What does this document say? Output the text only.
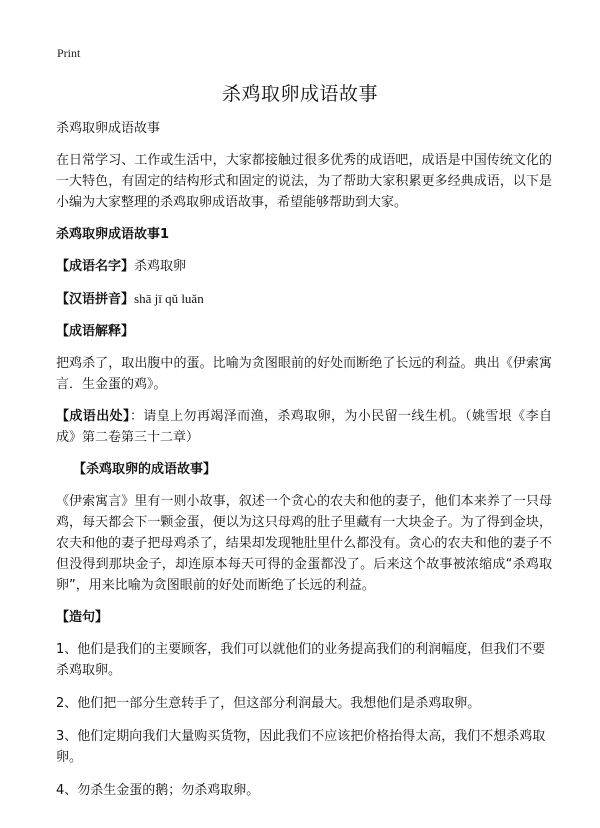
Print
杀鸡取卵成语故事

杀鸡取卵成语故事

在日常学习、工作或生活中，大家都接触过很多优秀的成语吧，成语是中国传统文化的一大特色，有固定的结构形式和固定的说法，为了帮助大家积累更多经典成语，以下是小编为大家整理的杀鸡取卵成语故事，希望能够帮助到大家。

杀鸡取卵成语故事1

【成语名字】杀鸡取卵

【汉语拼音】shā jī qǔ luǎn

【成语解释】

把鸡杀了，取出腹中的蛋。比喻为贪图眼前的好处而断绝了长远的利益。典出《伊索寓言．生金蛋的鸡》。

【成语出处】：请皇上勿再竭泽而渔，杀鸡取卵，为小民留一线生机。（姚雪垠《李自成》第二卷第三十二章）

【杀鸡取卵的成语故事】

《伊索寓言》里有一则小故事，叙述一个贪心的农夫和他的妻子，他们本来养了一只母鸡，每天都会下一颗金蛋，便以为这只母鸡的肚子里藏有一大块金子。为了得到金块，农夫和他的妻子把母鸡杀了，结果却发现牠肚里什么都没有。贪心的农夫和他的妻子不但没得到那块金子，却连原本每天可得的金蛋都没了。后来这个故事被浓缩成“杀鸡取卵”，用来比喻为贪图眼前的好处而断绝了长远的利益。

【造句】

1、他们是我们的主要顾客，我们可以就他们的业务提高我们的利润幅度，但我们不要杀鸡取卵。

2、他们把一部分生意转手了，但这部分利润最大。我想他们是杀鸡取卵。

3、他们定期向我们大量购买货物，因此我们不应该把价格抬得太高，我们不想杀鸡取卵。

4、勿杀生金蛋的鹅；勿杀鸡取卵。
